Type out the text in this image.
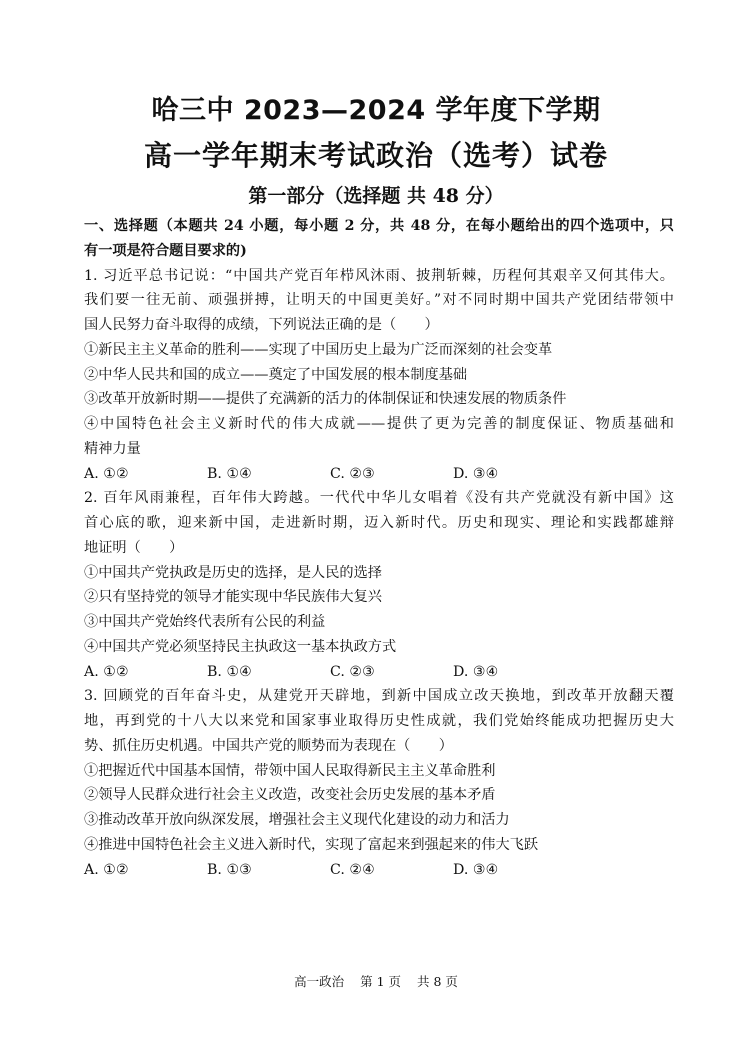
哈三中 2023—2024 学年度下学期
高一学年期末考试政治（选考）试卷
第一部分（选择题 共 48 分）
一、选择题（本题共 24 小题，每小题 2 分，共 48 分，在每小题给出的四个选项中，只
有一项是符合题目要求的)
1. 习近平总书记说：“中国共产党百年栉风沐雨、披荆斩棘，历程何其艰辛又何其伟大。
我们要一往无前、顽强拼搏，让明天的中国更美好。”对不同时期中国共产党团结带领中
国人民努力奋斗取得的成绩，下列说法正确的是（　　）
①新民主主义革命的胜利——实现了中国历史上最为广泛而深刻的社会变革
②中华人民共和国的成立——奠定了中国发展的根本制度基础
③改革开放新时期——提供了充满新的活力的体制保证和快速发展的物质条件
④中国特色社会主义新时代的伟大成就——提供了更为完善的制度保证、物质基础和
精神力量
A. ①②	B. ①④	C. ②③	D. ③④
2. 百年风雨兼程，百年伟大跨越。一代代中华儿女唱着《没有共产党就没有新中国》这
首心底的歌，迎来新中国，走进新时期，迈入新时代。历史和现实、理论和实践都雄辩
地证明（　　）
①中国共产党执政是历史的选择，是人民的选择
②只有坚持党的领导才能实现中华民族伟大复兴
③中国共产党始终代表所有公民的利益
④中国共产党必须坚持民主执政这一基本执政方式
A. ①②	B. ①④	C. ②③	D. ③④
3. 回顾党的百年奋斗史，从建党开天辟地，到新中国成立改天换地，到改革开放翻天覆
地，再到党的十八大以来党和国家事业取得历史性成就，我们党始终能成功把握历史大
势、抓住历史机遇。中国共产党的顺势而为表现在（　　）
①把握近代中国基本国情，带领中国人民取得新民主主义革命胜利
②领导人民群众进行社会主义改造，改变社会历史发展的基本矛盾
③推动改革开放向纵深发展，增强社会主义现代化建设的动力和活力
④推进中国特色社会主义进入新时代，实现了富起来到强起来的伟大飞跃
A. ①②	B. ①③	C. ②④	D. ③④
高一政治 第 1 页 共 8 页
